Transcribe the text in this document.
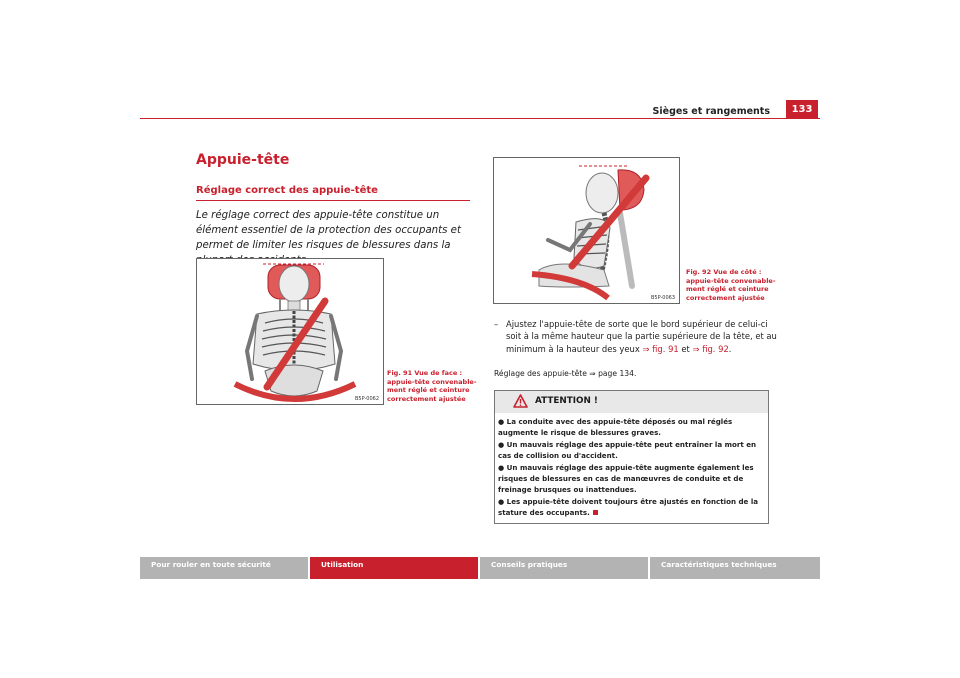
Sièges et rangements	133
Appuie-tête
Réglage correct des appuie-tête
Le réglage correct des appuie-tête constitue un élément essentiel de la protection des occupants et permet de limiter les risques de blessures dans la
B5P-0062
Fig. 91 Vue de face :
appuie-tête convenable-
ment réglé et ceinture
correctement ajustée
B5P-0063
Fig. 92 Vue de côté :
appuie-tête convenable-
ment réglé et ceinture
correctement ajustée
– Ajustez l'appuie-tête de sorte que le bord supérieur de celui-ci soit à la même hauteur que la partie supérieure de la tête, et au minimum à la hauteur des yeux ⇒ fig. 91 et ⇒ fig. 92.
Réglage des appuie-tête ⇒ page 134.
ATTENTION !
● La conduite avec des appuie-tête déposés ou mal réglés augmente le risque de blessures graves.
● Un mauvais réglage des appuie-tête peut entraîner la mort en cas de collision ou d'accident.
● Un mauvais réglage des appuie-tête augmente également les risques de blessures en cas de manœuvres de conduite et de freinage brusques ou inattendues.
● Les appuie-tête doivent toujours être ajustés en fonction de la stature des occupants.
Pour rouler en toute sécurité	Utilisation	Conseils pratiques	Caractéristiques techniques
